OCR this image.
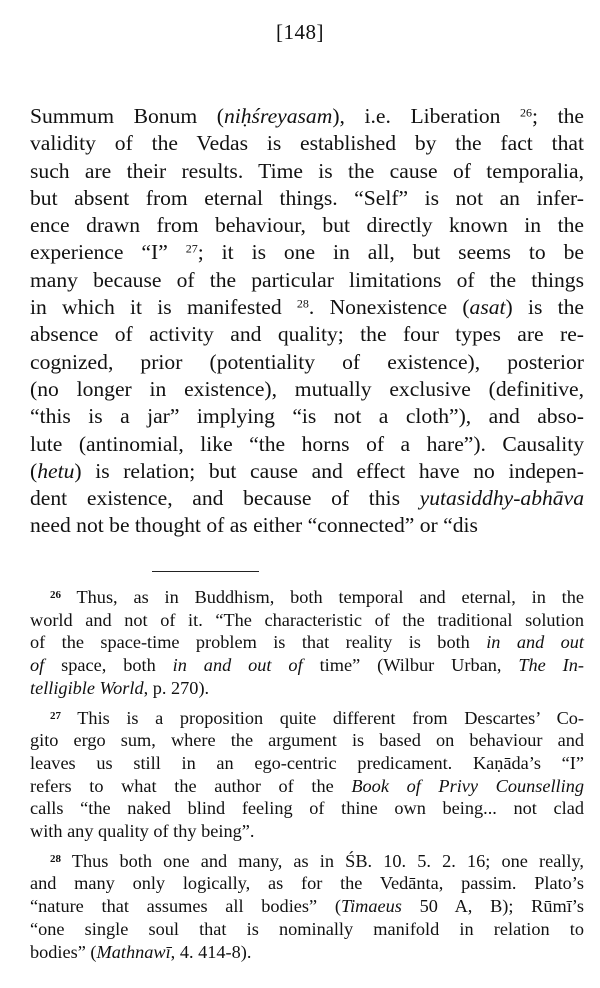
[148]
Summum Bonum (niḥśreyasam), i.e. Liberation $^{26}$; the
validity of the Vedas is established by the fact that
such are their results. Time is the cause of temporalia,
but absent from eternal things. “Self” is not an infer-
ence drawn from behaviour, but directly known in the
experience “I” $^{27}$; it is one in all, but seems to be
many because of the particular limitations of the things
in which it is manifested $^{28}$. Nonexistence (asat) is the
absence of activity and quality; the four types are re-
cognized, prior (potentiality of existence), posterior
(no longer in existence), mutually exclusive (definitive,
“this is a jar” implying “is not a cloth”), and abso-
lute (antinomial, like “the horns of a hare”). Causality
(hetu) is relation; but cause and effect have no indepen-
dent existence, and because of this yutasiddhy-abhāva
need not be thought of as either “connected” or “dis
$^{26}$ Thus, as in Buddhism, both temporal and eternal, in the
world and not of it. “The characteristic of the traditional solution
of the space-time problem is that reality is both in and out
of space, both in and out of time” (Wilbur Urban, The In-
telligible World, p. 270).
$^{27}$ This is a proposition quite different from Descartes’ Co-
gito ergo sum, where the argument is based on behaviour and
leaves us still in an ego-centric predicament. Kaṇāda’s “I”
refers to what the author of the Book of Privy Counselling
calls “the naked blind feeling of thine own being... not clad
with any quality of thy being”.
$^{28}$ Thus both one and many, as in ŚB. 10. 5. 2. 16; one really,
and many only logically, as for the Vedānta, passim. Plato’s
“nature that assumes all bodies” (Timaeus 50 A, B); Rūmī’s
“one single soul that is nominally manifold in relation to
bodies” (Mathnawī, 4. 414-8).
